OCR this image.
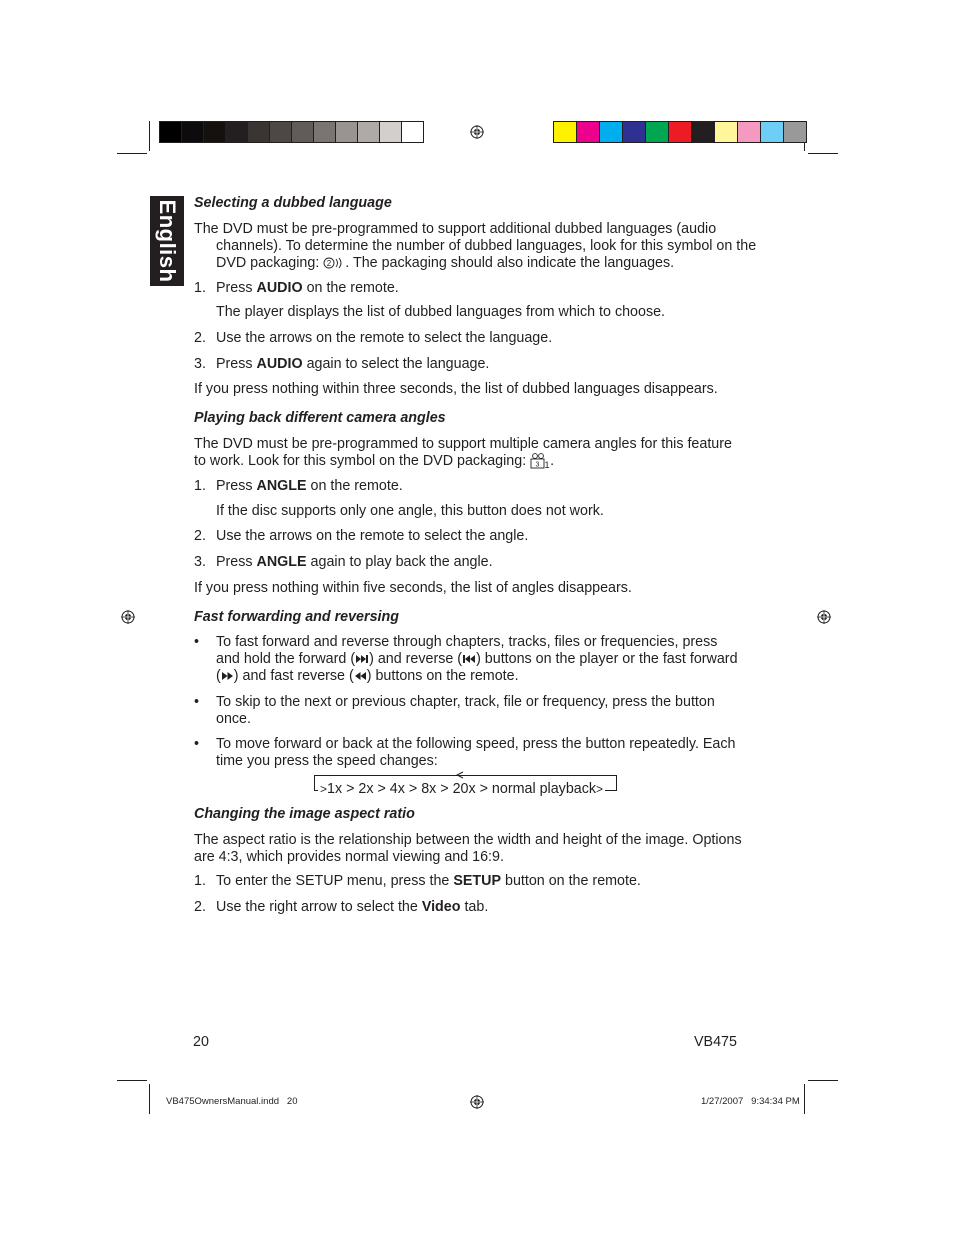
English Selecting a dubbed language

The DVD must be pre-programmed to support additional dubbed languages (audio channels). To determine the number of dubbed languages, look for this symbol on the DVD packaging: 2 . The packaging should also indicate the languages.

1. Press AUDIO on the remote.
The player displays the list of dubbed languages from which to choose.
2. Use the arrows on the remote to select the language.
3. Press AUDIO again to select the language.
If you press nothing within three seconds, the list of dubbed languages disappears.
Playing back different camera angles

The DVD must be pre-programmed to support multiple camera angles for this feature to work. Look for this symbol on the DVD packaging: 3 1 .

1. Press ANGLE on the remote.
If the disc supports only one angle, this button does not work.
2. Use the arrows on the remote to select the angle.
3. Press ANGLE again to play back the angle.
If you press nothing within five seconds, the list of angles disappears.
Fast forwarding and reversing
• To fast forward and reverse through chapters, tracks, files or frequencies, press and hold the forward ( ) and reverse ( ) buttons on the player or the fast forward ( ) and fast reverse ( ) buttons on the remote.
• To skip to the next or previous chapter, track, file or frequency, press the button once.
• To move forward or back at the following speed, press the button repeatedly. Each time you press the speed changes:
>1x > 2x > 4x > 8x > 20x > normal playback>
Changing the image aspect ratio

The aspect ratio is the relationship between the width and height of the image. Options are 4:3, which provides normal viewing and 16:9.

1. To enter the SETUP menu, press the SETUP button on the remote.
2. Use the right arrow to select the Video tab.
20	VB475
VB475OwnersManual.indd   20	1/27/2007   9:34:34 PM
